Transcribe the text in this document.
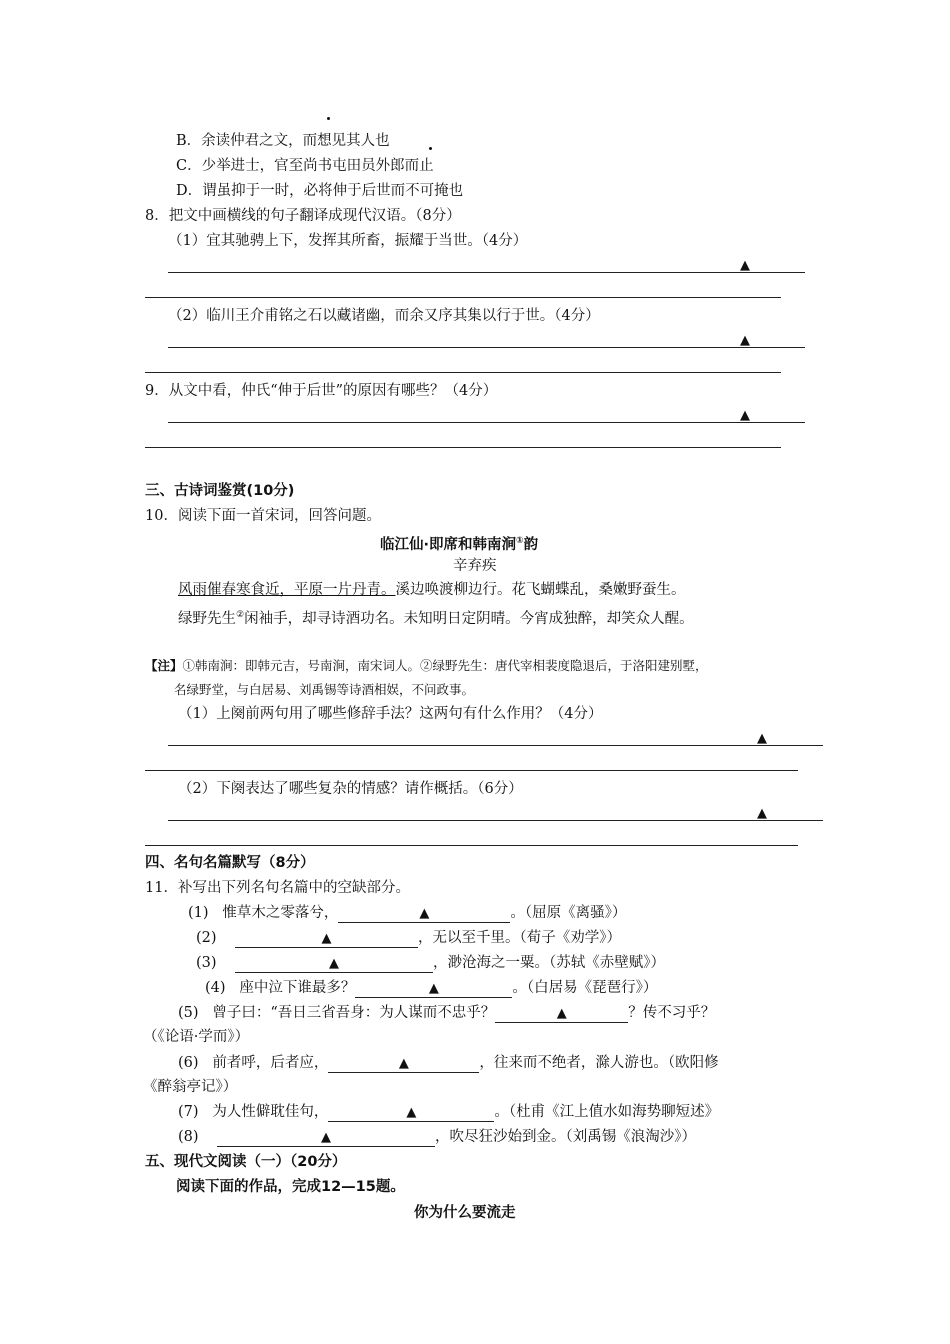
B．余读仲君之文，而想见其人也
C．少举进士，官至尚书屯田员外郎而止
D．谓虽抑于一时，必将伸于后世而不可掩也
8．把文中画横线的句子翻译成现代汉语。（8分）
（1）宜其驰骋上下，发挥其所畜，振耀于当世。（4分）
▲
（2）临川王介甫铭之石以藏诸幽，而余又序其集以行于世。（4分）
▲
9．从文中看，仲氏“伸于后世”的原因有哪些？（4分）
▲
三、古诗词鉴赏(10分)
10．阅读下面一首宋词，回答问题。
临江仙·即席和韩南涧①韵
辛弃疾
风雨催春寒食近，平原一片丹青。溪边唤渡柳边行。花飞蝴蝶乱，桑嫩野蚕生。
绿野先生②闲袖手，却寻诗酒功名。未知明日定阴晴。今宵成独醉，却笑众人醒。
【注】①韩南涧：即韩元吉，号南涧，南宋词人。②绿野先生：唐代宰相裴度隐退后，于洛阳建别墅，
名绿野堂，与白居易、刘禹锡等诗酒相娱，不问政事。
（1）上阕前两句用了哪些修辞手法？这两句有什么作用？（4分）
▲
（2）下阕表达了哪些复杂的情感？请作概括。（6分）
▲
四、名句名篇默写（8分）
11．补写出下列名句名篇中的空缺部分。
(1) 惟草木之零落兮，	▲	。（屈原《离骚》）
(2)	▲	，无以至千里。（荀子《劝学》）
(3)	▲	，渺沧海之一粟。（苏轼《赤壁赋》）
(4) 座中泣下谁最多？	▲	。（白居易《琵琶行》）
(5) 曾子曰：“吾日三省吾身：为人谋而不忠乎？	▲	？传不习乎？
（《论语·学而》）
(6) 前者呼，后者应，	▲	，往来而不绝者，滁人游也。（欧阳修
《醉翁亭记》）
(7) 为人性僻耽佳句，	▲	。（杜甫《江上值水如海势聊短述》
(8)	▲	，吹尽狂沙始到金。（刘禹锡《浪淘沙》）
五、现代文阅读（一）（20分）
阅读下面的作品，完成12—15题。
你为什么要流走
